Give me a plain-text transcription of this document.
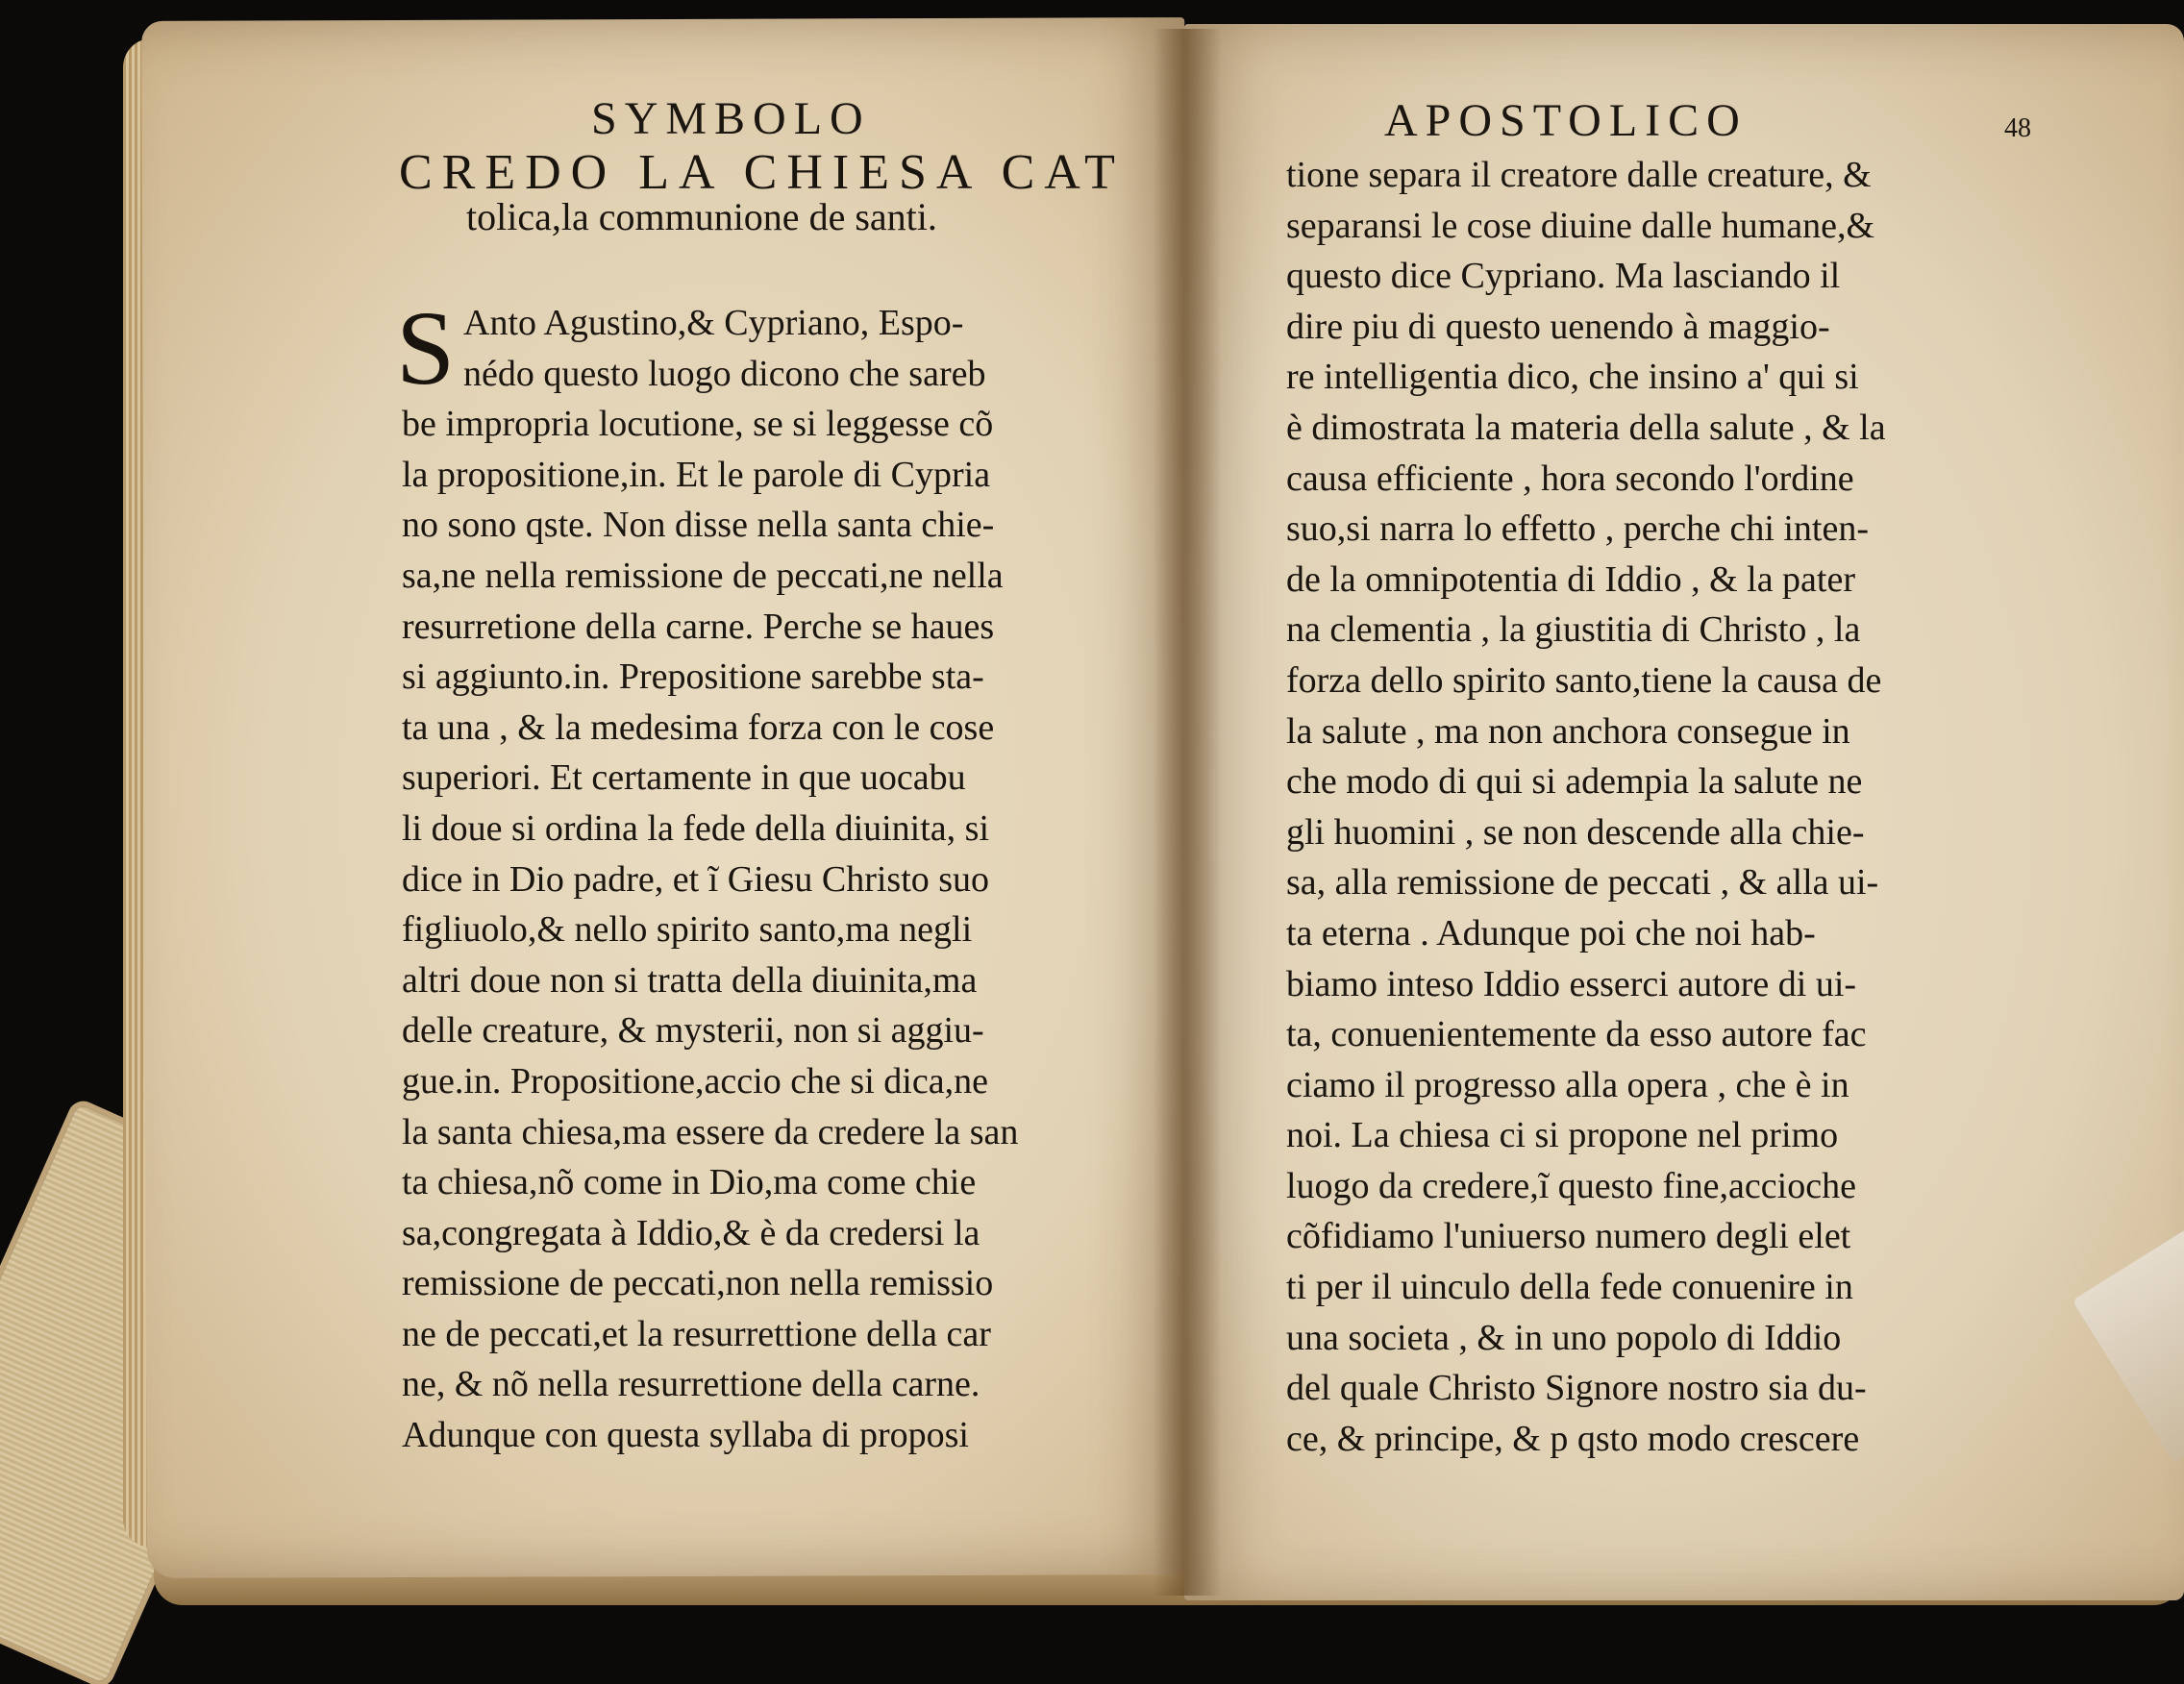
SYMBOLO
CREDO LA CHIESA CAT
tolica,la communione de santi.
S Anto Agustino,& Cypriano, Espo-
nédo questo luogo dicono che sareb
be impropria locutione, se si leggesse cõ
la propositione,in. Et le parole di Cypria
no sono qste. Non disse nella santa chie-
sa,ne nella remissione de peccati,ne nella
resurretione della carne. Perche se haues
si aggiunto.in. Prepositione sarebbe sta-
ta una , & la medesima forza con le cose
superiori. Et certamente in que uocabu
li doue si ordina la fede della diuinita, si
dice in Dio padre, et ĩ Giesu Christo suo
figliuolo,& nello spirito santo,ma negli
altri doue non si tratta della diuinita,ma
delle creature, & mysterii, non si aggiu-
gue.in. Propositione,accio che si dica,ne
la santa chiesa,ma essere da credere la san
ta chiesa,nõ come in Dio,ma come chie
sa,congregata à Iddio,& è da credersi la
remissione de peccati,non nella remissio
ne de peccati,et la resurrettione della car
ne, & nõ nella resurrettione della carne.
Adunque con questa syllaba di proposi
APOSTOLICO	48
tione separa il creatore dalle creature, &
separansi le cose diuine dalle humane,&
questo dice Cypriano. Ma lasciando il
dire piu di questo uenendo à maggio-
re intelligentia dico, che insino a' qui si
è dimostrata la materia della salute , & la
causa efficiente , hora secondo l'ordine
suo,si narra lo effetto , perche chi inten-
de la omnipotentia di Iddio , & la pater
na clementia , la giustitia di Christo , la
forza dello spirito santo,tiene la causa de
la salute , ma non anchora consegue in
che modo di qui si adempia la salute ne
gli huomini , se non descende alla chie-
sa, alla remissione de peccati , & alla ui-
ta eterna . Adunque poi che noi hab-
biamo inteso Iddio esserci autore di ui-
ta, conuenientemente da esso autore fac
ciamo il progresso alla opera , che è in
noi. La chiesa ci si propone nel primo
luogo da credere,ĩ questo fine,accioche
cõfidiamo l'uniuerso numero degli elet
ti per il uinculo della fede conuenire in
una societa , & in uno popolo di Iddio
del quale Christo Signore nostro sia du-
ce, & principe, & p qsto modo crescere
